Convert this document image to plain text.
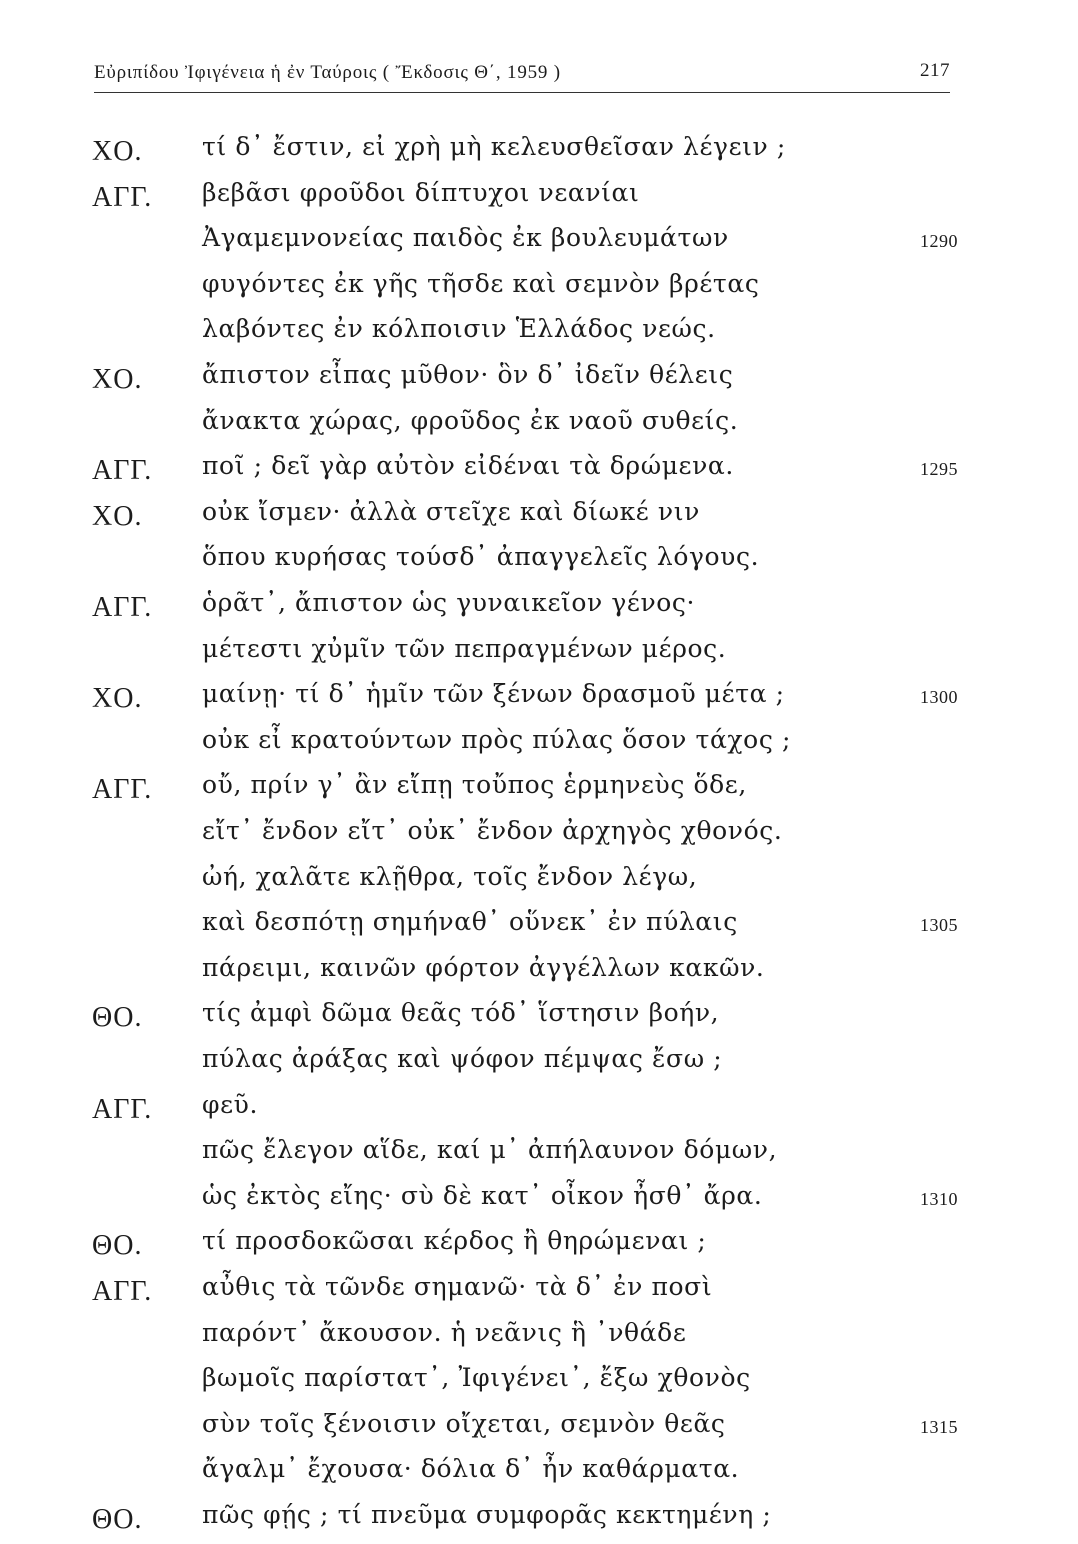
Εὐριπίδου Ἰφιγένεια ἡ ἐν Ταύροις ( Ἔκδοσις Θ΄, 1959 )	217
ΧΟ. τί δ᾽ ἔστιν, εἰ χρὴ μὴ κελευσθεῖσαν λέγειν ;
ΑΓΓ. βεβᾶσι φροῦδοι δίπτυχοι νεανίαι
Ἀγαμεμνονείας παιδὸς ἐκ βουλευμάτων	1290
φυγόντες ἐκ γῆς τῆσδε καὶ σεμνὸν βρέτας
λαβόντες ἐν κόλποισιν Ἑλλάδος νεώς.
ΧΟ. ἄπιστον εἶπας μῦθον· ὃν δ᾽ ἰδεῖν θέλεις
ἄνακτα χώρας, φροῦδος ἐκ ναοῦ συθείς.
ΑΓΓ. ποῖ ; δεῖ γὰρ αὐτὸν εἰδέναι τὰ δρώμενα.	1295
ΧΟ. οὐκ ἴσμεν· ἀλλὰ στεῖχε καὶ δίωκέ νιν
ὅπου κυρήσας τούσδ᾽ ἀπαγγελεῖς λόγους.
ΑΓΓ. ὁρᾶτ᾽, ἄπιστον ὡς γυναικεῖον γένος·
μέτεστι χὐμῖν τῶν πεπραγμένων μέρος.
ΧΟ. μαίνῃ· τί δ᾽ ἡμῖν τῶν ξένων δρασμοῦ μέτα ;	1300
οὐκ εἶ κρατούντων πρὸς πύλας ὅσον τάχος ;
ΑΓΓ. οὔ, πρίν γ᾽ ἂν εἴπῃ τοὔπος ἑρμηνεὺς ὅδε,
εἴτ᾽ ἔνδον εἴτ᾽ οὐκ᾽ ἔνδον ἀρχηγὸς χθονός.
ὠή, χαλᾶτε κλῇθρα, τοῖς ἔνδον λέγω,
καὶ δεσπότῃ σημήναθ᾽ οὕνεκ᾽ ἐν πύλαις	1305
πάρειμι, καινῶν φόρτον ἀγγέλλων κακῶν.
ΘΟ. τίς ἀμφὶ δῶμα θεᾶς τόδ᾽ ἵστησιν βοήν,
πύλας ἀράξας καὶ ψόφον πέμψας ἔσω ;
ΑΓΓ. φεῦ.
πῶς ἔλεγον αἵδε, καί μ᾽ ἀπήλαυνον δόμων,
ὡς ἐκτὸς εἴης· σὺ δὲ κατ᾽ οἶκον ἦσθ᾽ ἄρα.	1310
ΘΟ. τί προσδοκῶσαι κέρδος ἢ θηρώμεναι ;
ΑΓΓ. αὖθις τὰ τῶνδε σημανῶ· τὰ δ᾽ ἐν ποσὶ
παρόντ᾽ ἄκουσον. ἡ νεᾶνις ἣ ᾽νθάδε
βωμοῖς παρίστατ᾽, Ἰφιγένει᾽, ἔξω χθονὸς
σὺν τοῖς ξένοισιν οἴχεται, σεμνὸν θεᾶς	1315
ἄγαλμ᾽ ἔχουσα· δόλια δ᾽ ἦν καθάρματα.
ΘΟ. πῶς φῄς ; τί πνεῦμα συμφορᾶς κεκτημένη ;
